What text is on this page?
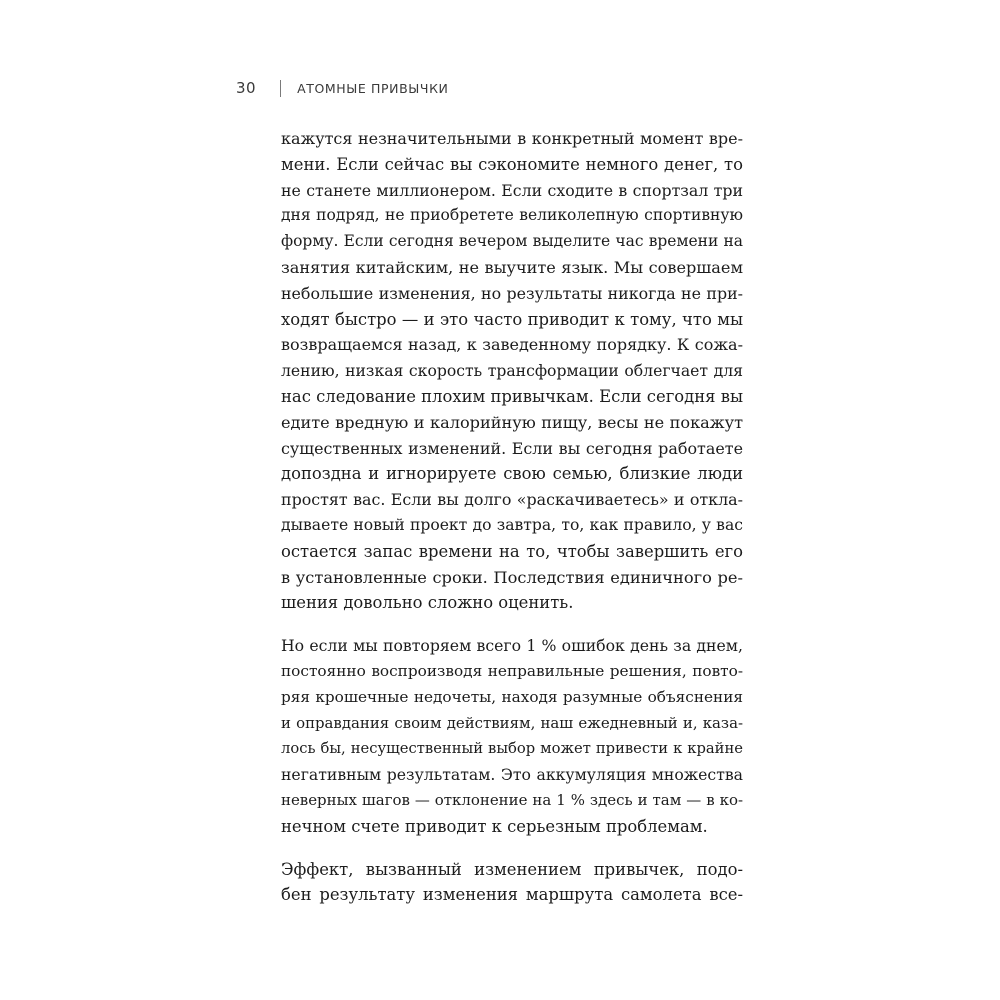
30	АТОМНЫЕ ПРИВЫЧКИ
кажутся незначительными в конкретный момент вре-
мени. Если сейчас вы сэкономите немного денег, то
не станете миллионером. Если сходите в спортзал три
дня подряд, не приобретете великолепную спортивную
форму. Если сегодня вечером выделите час времени на
занятия китайским, не выучите язык. Мы совершаем
небольшие изменения, но результаты никогда не при-
ходят быстро — и это часто приводит к тому, что мы
возвращаемся назад, к заведенному порядку. К сожа-
лению, низкая скорость трансформации облегчает для
нас следование плохим привычкам. Если сегодня вы
едите вредную и калорийную пищу, весы не покажут
существенных изменений. Если вы сегодня работаете
допоздна и игнорируете свою семью, близкие люди
простят вас. Если вы долго «раскачиваетесь» и откла-
дываете новый проект до завтра, то, как правило, у вас
остается запас времени на то, чтобы завершить его
в установленные сроки. Последствия единичного ре-
шения довольно сложно оценить.
Но если мы повторяем всего 1 % ошибок день за днем,
постоянно воспроизводя неправильные решения, повто-
ряя крошечные недочеты, находя разумные объяснения
и оправдания своим действиям, наш ежедневный и, каза-
лось бы, несущественный выбор может привести к крайне
негативным результатам. Это аккумуляция множества
неверных шагов — отклонение на 1 % здесь и там — в ко-
нечном счете приводит к серьезным проблемам.
Эффект, вызванный изменением привычек, подо-
бен результату изменения маршрута самолета все-
